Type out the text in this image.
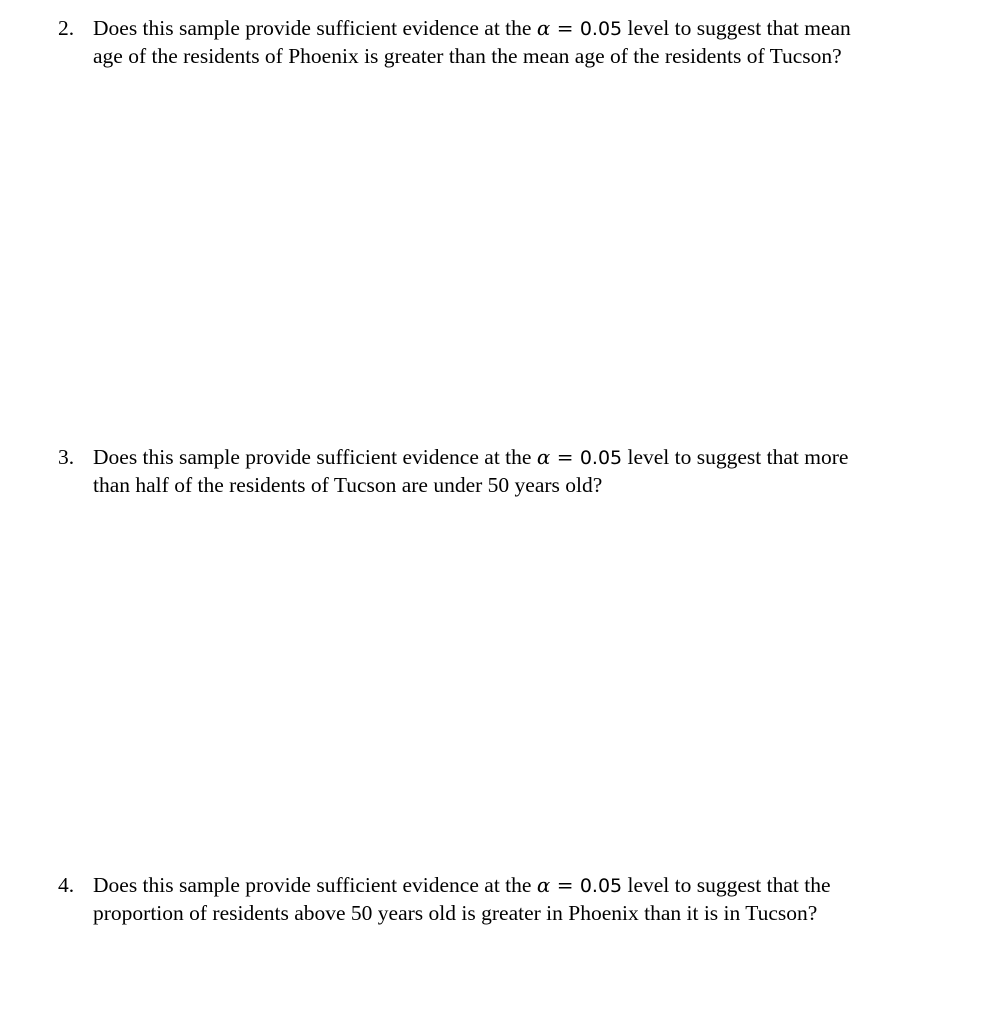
2. Does this sample provide sufficient evidence at the α = 0.05 level to suggest that mean
age of the residents of Phoenix is greater than the mean age of the residents of Tucson?
3. Does this sample provide sufficient evidence at the α = 0.05 level to suggest that more
than half of the residents of Tucson are under 50 years old?
4. Does this sample provide sufficient evidence at the α = 0.05 level to suggest that the
proportion of residents above 50 years old is greater in Phoenix than it is in Tucson?
